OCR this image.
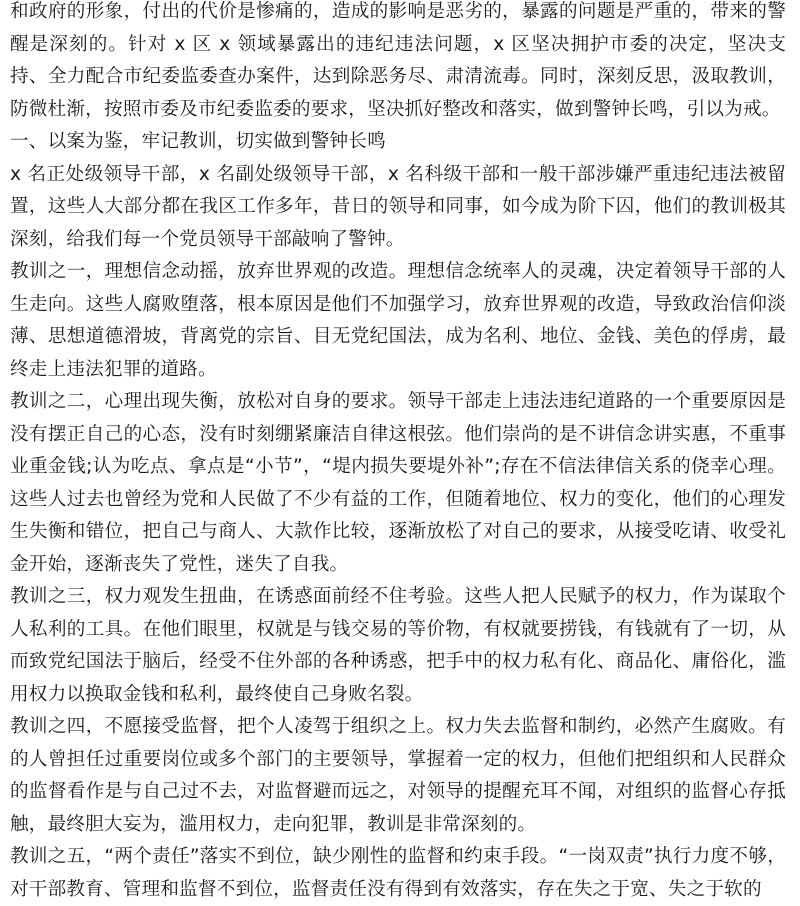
和政府的形象，付出的代价是惨痛的，造成的影响是恶劣的，暴露的问题是严重的，带来的警醒是深刻的。针对 x 区 x 领域暴露出的违纪违法问题，x 区坚决拥护市委的决定，坚决支持、全力配合市纪委监委查办案件，达到除恶务尽、肃清流毒。同时，深刻反思，汲取教训，防微杜渐，按照市委及市纪委监委的要求，坚决抓好整改和落实，做到警钟长鸣，引以为戒。

一、以案为鉴，牢记教训，切实做到警钟长鸣

x 名正处级领导干部，x 名副处级领导干部，x 名科级干部和一般干部涉嫌严重违纪违法被留置，这些人大部分都在我区工作多年，昔日的领导和同事，如今成为阶下囚，他们的教训极其深刻，给我们每一个党员领导干部敲响了警钟。

教训之一，理想信念动摇，放弃世界观的改造。理想信念统率人的灵魂，决定着领导干部的人生走向。这些人腐败堕落，根本原因是他们不加强学习，放弃世界观的改造，导致政治信仰淡薄、思想道德滑坡，背离党的宗旨、目无党纪国法，成为名利、地位、金钱、美色的俘虏，最终走上违法犯罪的道路。

教训之二，心理出现失衡，放松对自身的要求。领导干部走上违法违纪道路的一个重要原因是没有摆正自己的心态，没有时刻绷紧廉洁自律这根弦。他们崇尚的是不讲信念讲实惠，不重事业重金钱;认为吃点、拿点是“小节”，“堤内损失要堤外补”;存在不信法律信关系的侥幸心理。这些人过去也曾经为党和人民做了不少有益的工作，但随着地位、权力的变化，他们的心理发生失衡和错位，把自己与商人、大款作比较，逐渐放松了对自己的要求，从接受吃请、收受礼金开始，逐渐丧失了党性，迷失了自我。

教训之三，权力观发生扭曲，在诱惑面前经不住考验。这些人把人民赋予的权力，作为谋取个人私利的工具。在他们眼里，权就是与钱交易的等价物，有权就要捞钱，有钱就有了一切，从而致党纪国法于脑后，经受不住外部的各种诱惑，把手中的权力私有化、商品化、庸俗化，滥用权力以换取金钱和私利，最终使自己身败名裂。

教训之四，不愿接受监督，把个人凌驾于组织之上。权力失去监督和制约，必然产生腐败。有的人曾担任过重要岗位或多个部门的主要领导，掌握着一定的权力，但他们把组织和人民群众的监督看作是与自己过不去，对监督避而远之，对领导的提醒充耳不闻，对组织的监督心存抵触，最终胆大妄为，滥用权力，走向犯罪，教训是非常深刻的。

教训之五，“两个责任”落实不到位，缺少刚性的监督和约束手段。“一岗双责”执行力度不够，对干部教育、管理和监督不到位，监督责任没有得到有效落实，存在失之于宽、失之于软的
